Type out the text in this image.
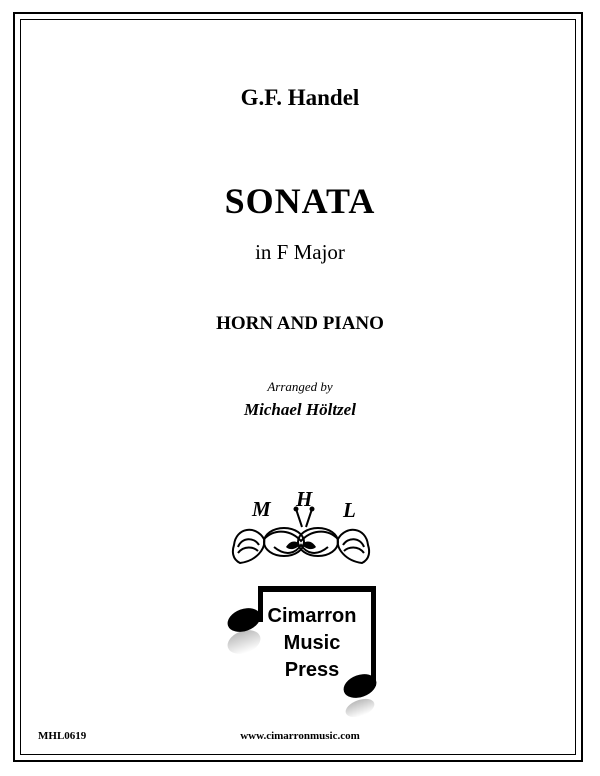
G.F. Handel
SONATA
in F Major
HORN AND PIANO
Arranged by
Michael Höltzel
M H L
Cimarron
Music
Press
MHL0619	www.cimarronmusic.com
